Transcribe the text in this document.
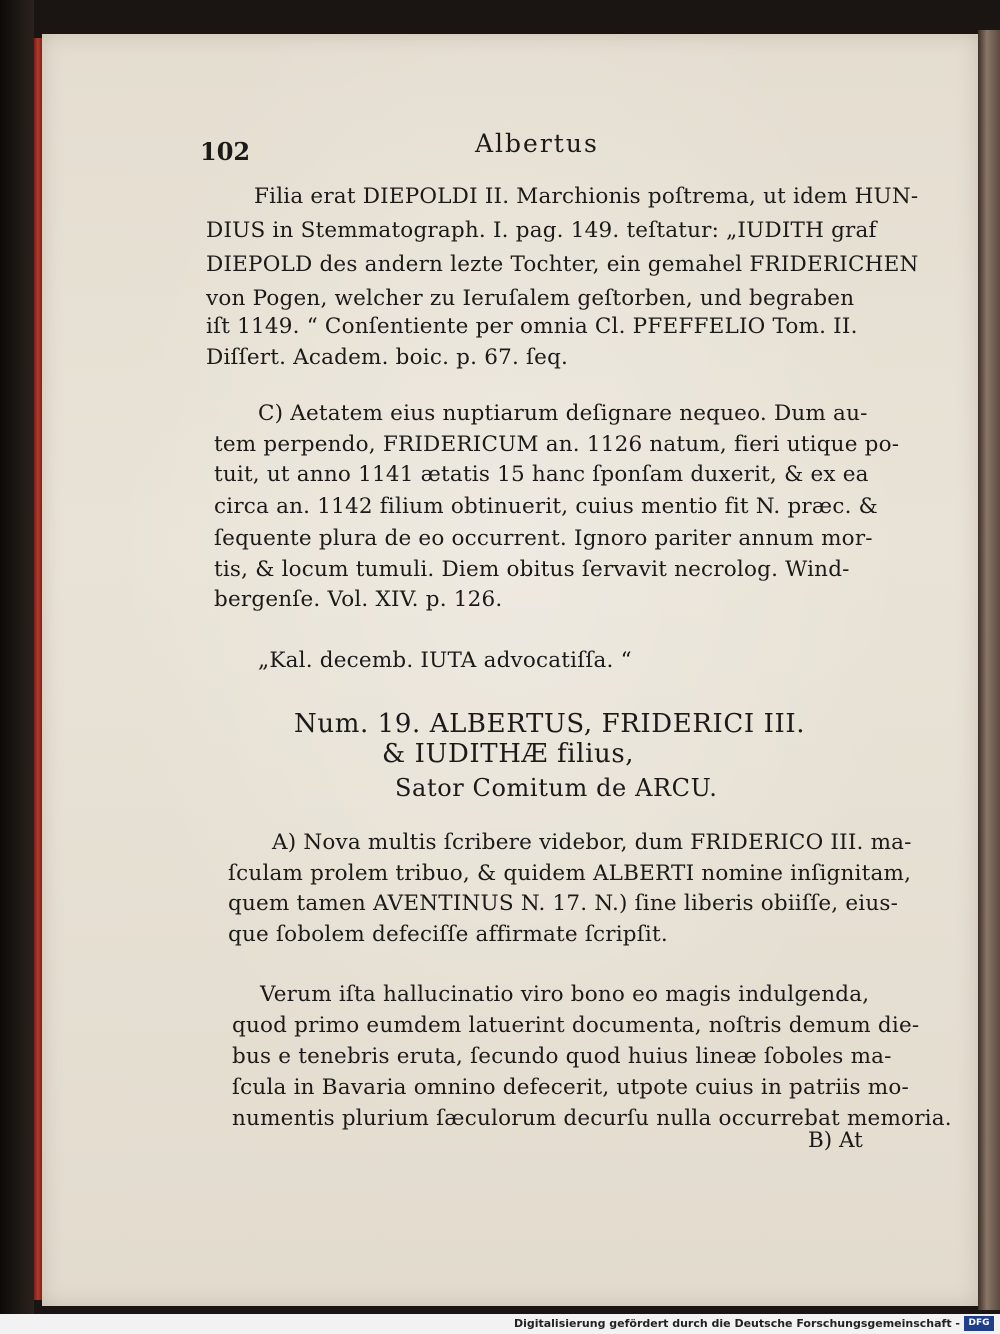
102	Albertus
Filia erat DIEPOLDI II. Marchionis poſtrema, ut idem HUN-
DIUS in Stemmatograph. I. pag. 149. teſtatur: „IUDITH graf
DIEPOLD des andern lezte Tochter, ein gemahel FRIDERICHEN
von Pogen, welcher zu Ieruſalem geſtorben, und begraben
iſt 1149. “ Conſentiente per omnia Cl. PFEFFELIO Tom. II.
Diſſert. Academ. boic. p. 67. ſeq.
C) Aetatem eius nuptiarum deſignare nequeo. Dum au-
tem perpendo, FRIDERICUM an. 1126 natum, fieri utique po-
tuit, ut anno 1141 ætatis 15 hanc ſponſam duxerit, & ex ea
circa an. 1142 filium obtinuerit, cuius mentio fit N. præc. &
ſequente plura de eo occurrent. Ignoro pariter annum mor-
tis, & locum tumuli. Diem obitus ſervavit necrolog. Wind-
bergenſe. Vol. XIV. p. 126.
„Kal. decemb. IUTA advocatiſſa. “
Num. 19. ALBERTUS, FRIDERICI III.
& IUDITHÆ filius,
Sator Comitum de ARCU.
A) Nova multis ſcribere videbor, dum FRIDERICO III. ma-
ſculam prolem tribuo, & quidem ALBERTI nomine inſignitam,
quem tamen AVENTINUS N. 17. N.) ſine liberis obiiſſe, eius-
que ſobolem defeciſſe affirmate ſcripſit.
Verum iſta hallucinatio viro bono eo magis indulgenda,
quod primo eumdem latuerint documenta, noſtris demum die-
bus e tenebris eruta, ſecundo quod huius lineæ ſoboles ma-
ſcula in Bavaria omnino defecerit, utpote cuius in patriis mo-
numentis plurium ſæculorum decurſu nulla occurrebat memoria.
B) At
Digitalisierung gefördert durch die Deutsche Forschungsgemeinschaft - DFG
